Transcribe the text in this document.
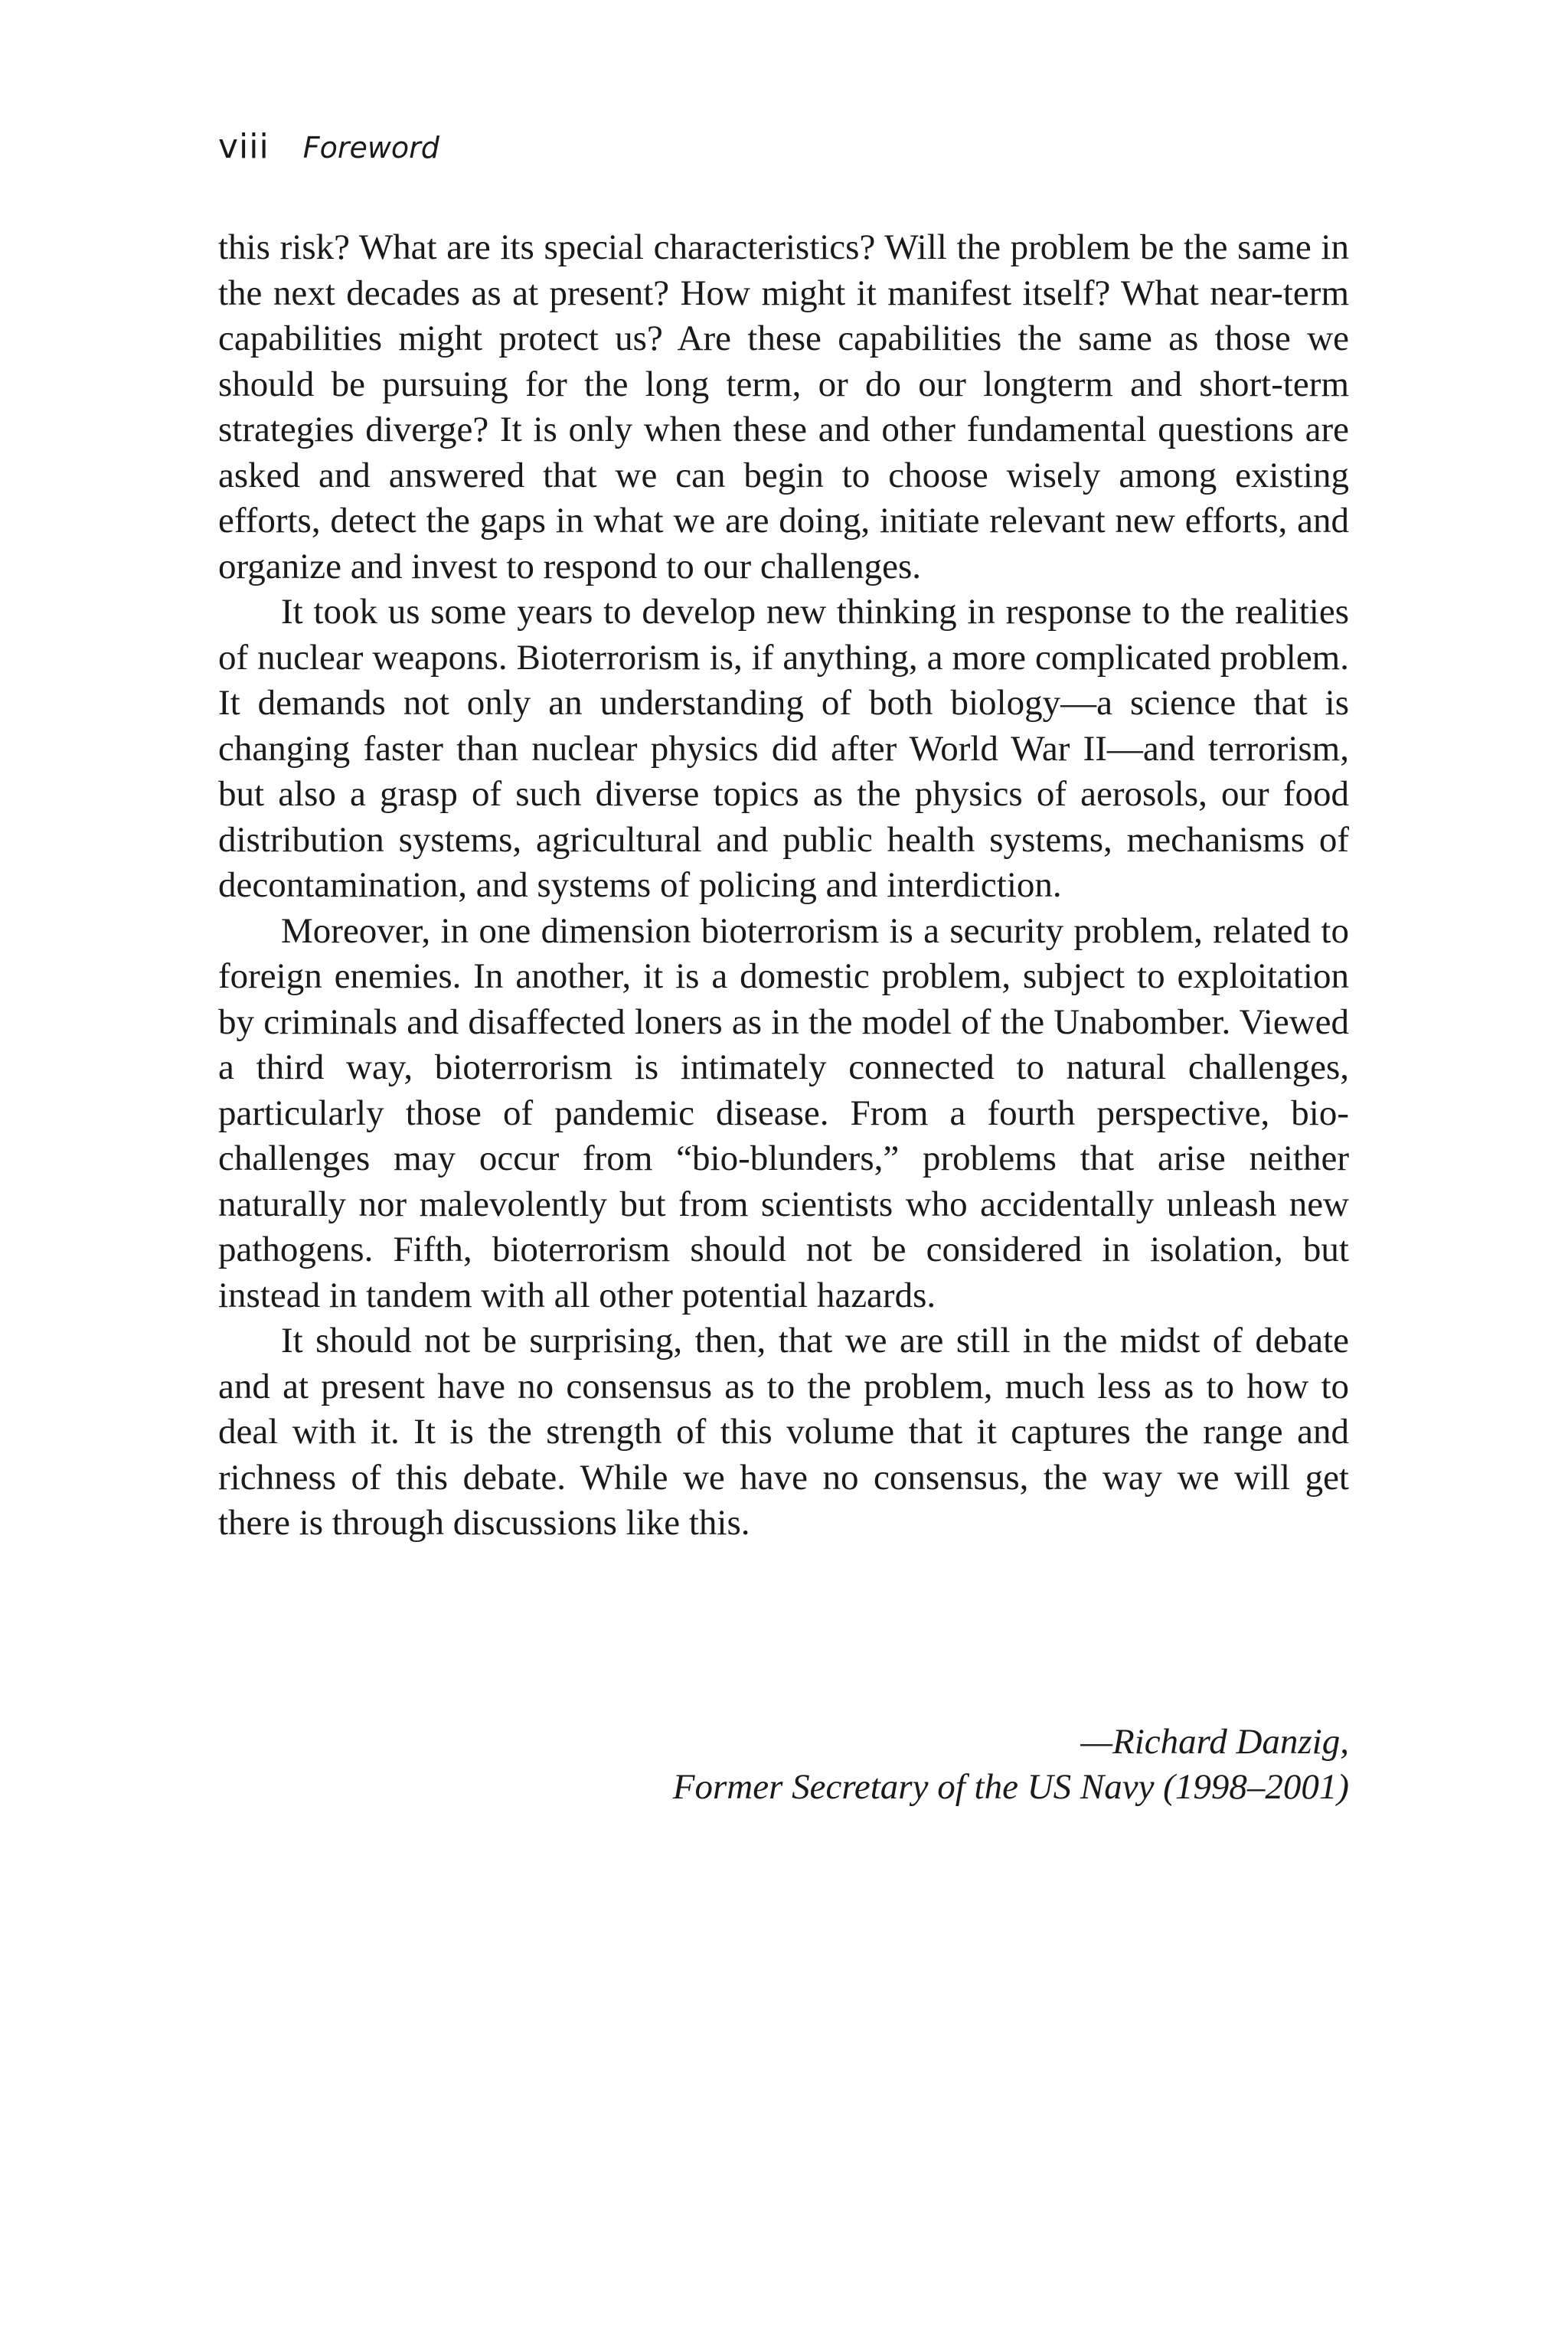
viii Foreword

this risk? What are its special characteristics? Will the problem be the same in the next decades as at present? How might it manifest itself? What near-term capabilities might protect us? Are these capabilities the same as those we should be pursuing for the long term, or do our longterm and short-term strategies diverge? It is only when these and other fundamental questions are asked and answered that we can begin to choose wisely among existing efforts, detect the gaps in what we are doing, initiate relevant new efforts, and organize and invest to respond to our challenges.

It took us some years to develop new thinking in response to the realities of nuclear weapons. Bioterrorism is, if anything, a more complicated problem. It demands not only an understanding of both biology—a science that is changing faster than nuclear physics did after World War II—and terrorism, but also a grasp of such diverse topics as the physics of aerosols, our food distribution systems, agricultural and public health systems, mechanisms of decontamination, and systems of policing and interdiction.

Moreover, in one dimension bioterrorism is a security problem, related to foreign enemies. In another, it is a domestic problem, subject to exploitation by criminals and disaffected loners as in the model of the Unabomber. Viewed a third way, bioterrorism is intimately connected to natural challenges, particularly those of pandemic disease. From a fourth perspective, bio-challenges may occur from “bio-blunders,” problems that arise neither naturally nor malevolently but from scientists who accidentally unleash new pathogens. Fifth, bioterrorism should not be considered in isolation, but instead in tandem with all other potential hazards.

It should not be surprising, then, that we are still in the midst of debate and at present have no consensus as to the problem, much less as to how to deal with it. It is the strength of this volume that it captures the range and richness of this debate. While we have no consensus, the way we will get there is through discussions like this.

—Richard Danzig,
Former Secretary of the US Navy (1998–2001)
